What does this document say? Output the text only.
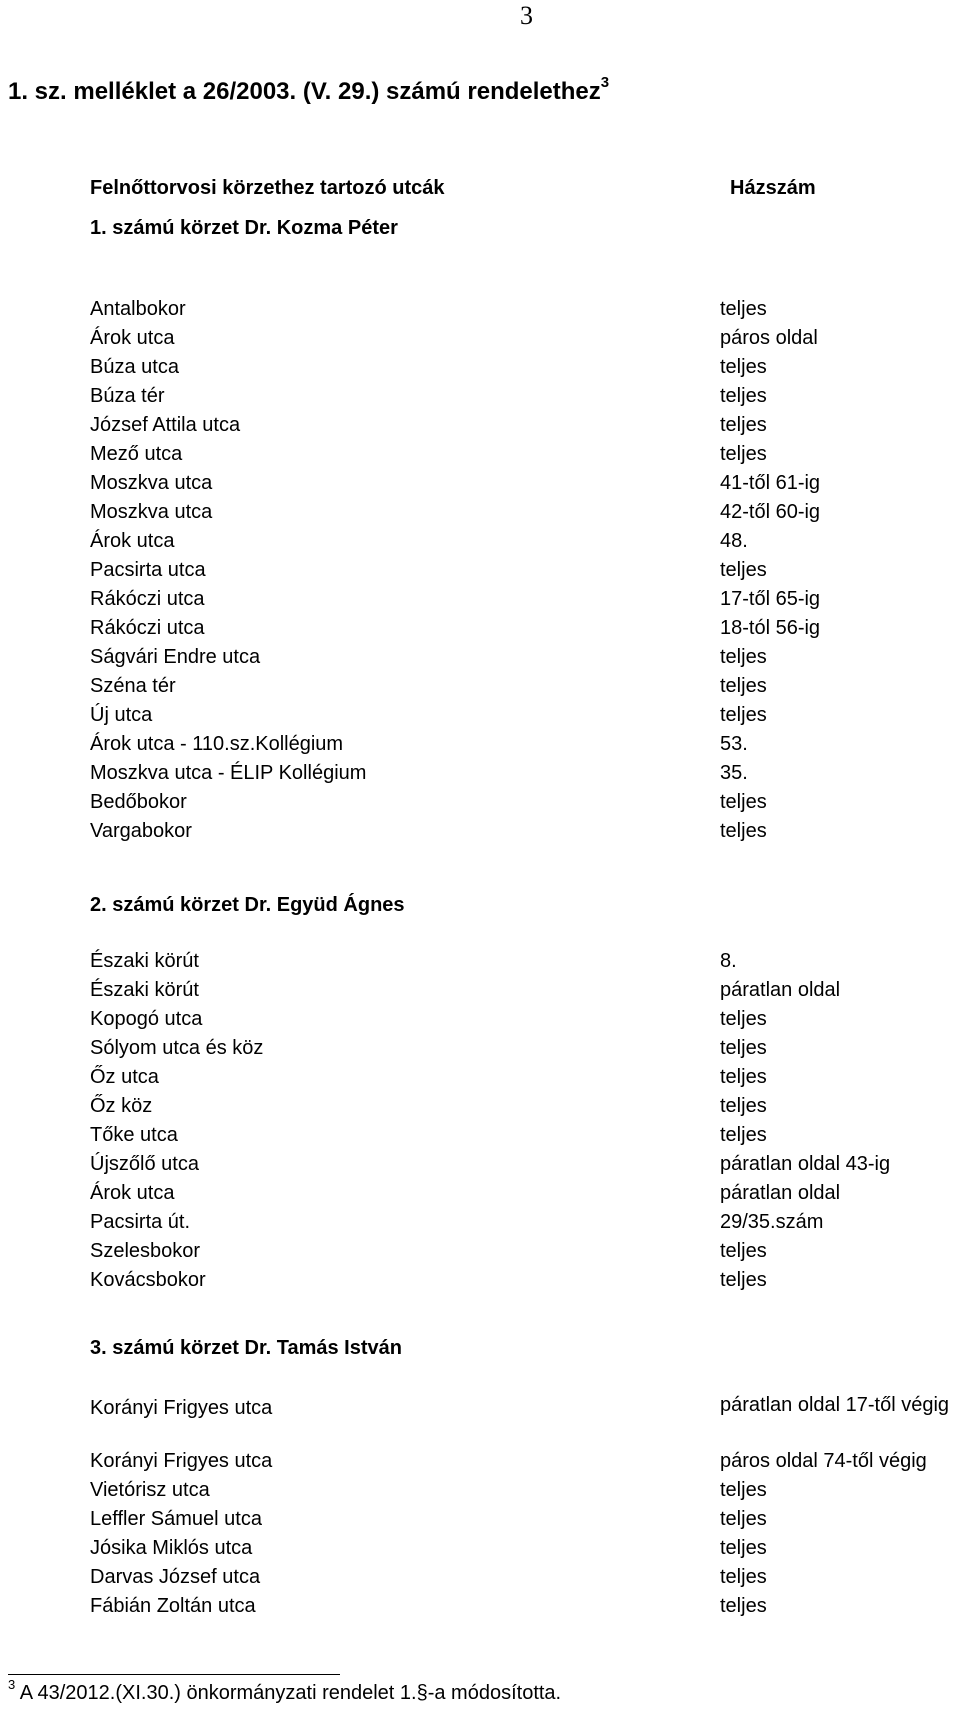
3
1. sz. melléklet a 26/2003. (V. 29.) számú rendelethez$^3$
Felnőttorvosi körzethez tartozó utcák	Házszám
1. számú körzet Dr. Kozma Péter
Antalbokor	teljes
Árok utca	páros oldal
Búza utca	teljes
Búza tér	teljes
József Attila utca	teljes
Mező utca	teljes
Moszkva utca	41-től 61-ig
Moszkva utca	42-től 60-ig
Árok utca	48.
Pacsirta utca	teljes
Rákóczi utca	17-től 65-ig
Rákóczi utca	18-tól 56-ig
Ságvári Endre utca	teljes
Széna tér	teljes
Új utca	teljes
Árok utca - 110.sz.Kollégium	53.
Moszkva utca - ÉLIP Kollégium	35.
Bedőbokor	teljes
Vargabokor	teljes
2. számú körzet Dr. Együd Ágnes
Északi körút	8.
Északi körút	páratlan oldal
Kopogó utca	teljes
Sólyom utca és köz	teljes
Őz utca	teljes
Őz köz	teljes
Tőke utca	teljes
Újszőlő utca	páratlan oldal 43-ig
Árok utca	páratlan oldal
Pacsirta út.	29/35.szám
Szelesbokor	teljes
Kovácsbokor	teljes
3. számú körzet Dr. Tamás István
Korányi Frigyes utca	páratlan oldal 17-től végig
Korányi Frigyes utca	páros oldal 74-től végig
Vietórisz utca	teljes
Leffler Sámuel utca	teljes
Jósika Miklós utca	teljes
Darvas József utca	teljes
Fábián Zoltán utca	teljes
$^3$ A 43/2012.(XI.30.) önkormányzati rendelet 1.§-a módosította.
